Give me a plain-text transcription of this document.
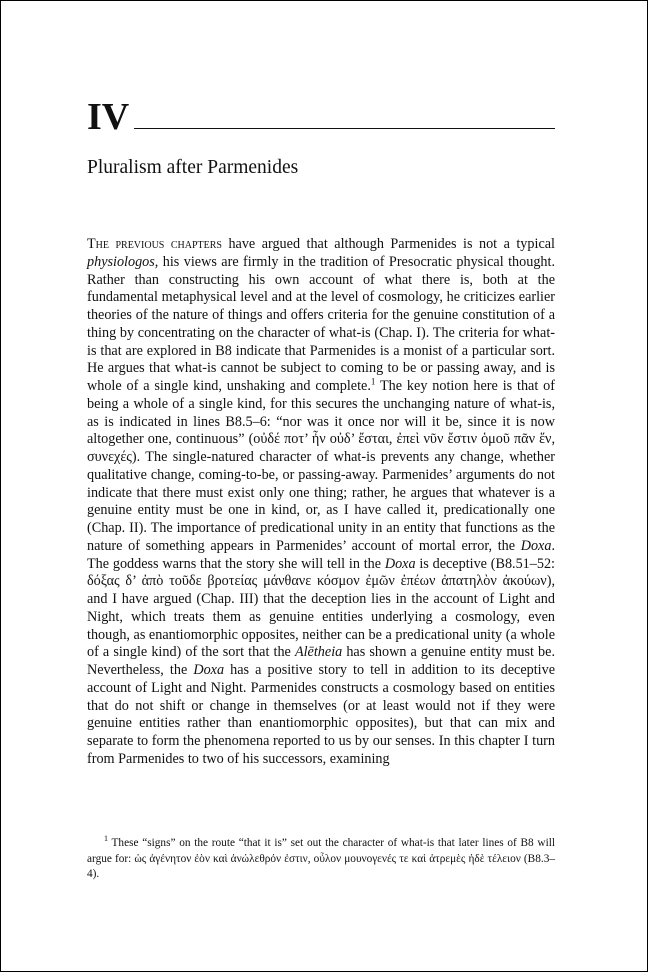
IV
Pluralism after Parmenides

The previous chapters have argued that although Parmenides is not a typical physiologos, his views are firmly in the tradition of Presocratic physical thought. Rather than constructing his own account of what there is, both at the fundamental metaphysical level and at the level of cosmology, he criticizes earlier theories of the nature of things and offers criteria for the genuine constitution of a thing by concentrating on the character of what-is (Chap. I). The criteria for what-is that are explored in B8 indicate that Parmenides is a monist of a particular sort. He argues that what-is cannot be subject to coming to be or passing away, and is whole of a single kind, unshaking and complete.$^1$ The key notion here is that of being a whole of a single kind, for this secures the unchanging nature of what-is, as is indicated in lines B8.5–6: “nor was it once nor will it be, since it is now altogether one, continuous” (οὐδέ ποτ’ ἦν οὐδ’ ἔσται, ἐπεὶ νῦν ἔστιν ὁμοῦ πᾶν ἕν, συνεχές). The single-natured character of what-is prevents any change, whether qualitative change, coming-to-be, or passing-away. Parmenides’ arguments do not indicate that there must exist only one thing; rather, he argues that whatever is a genuine entity must be one in kind, or, as I have called it, predicationally one (Chap. II). The importance of predicational unity in an entity that functions as the nature of something appears in Parmenides’ account of mortal error, the Doxa. The goddess warns that the story she will tell in the Doxa is deceptive (B8.51–52: δόξας δ’ ἀπὸ τοῦδε βροτείας μάνθανε κόσμον ἐμῶν ἐπέων ἀπατηλὸν ἀκούων), and I have argued (Chap. III) that the deception lies in the account of Light and Night, which treats them as genuine entities underlying a cosmology, even though, as enantiomorphic opposites, neither can be a predicational unity (a whole of a single kind) of the sort that the Alētheia has shown a genuine entity must be. Nevertheless, the Doxa has a positive story to tell in addition to its deceptive account of Light and Night. Parmenides constructs a cosmology based on entities that do not shift or change in themselves (or at least would not if they were genuine entities rather than enantiomorphic opposites), but that can mix and separate to form the phenomena reported to us by our senses. In this chapter I turn from Parmenides to two of his successors, examining

$^1$ These “signs” on the route “that it is” set out the character of what-is that later lines of B8 will argue for: ὡς ἀγένητον ἐὸν καὶ ἀνώλεθρόν ἐστιν, οὖλον μουνογενές τε καὶ ἀτρεμὲς ἠδὲ τέλειον (B8.3–4).
